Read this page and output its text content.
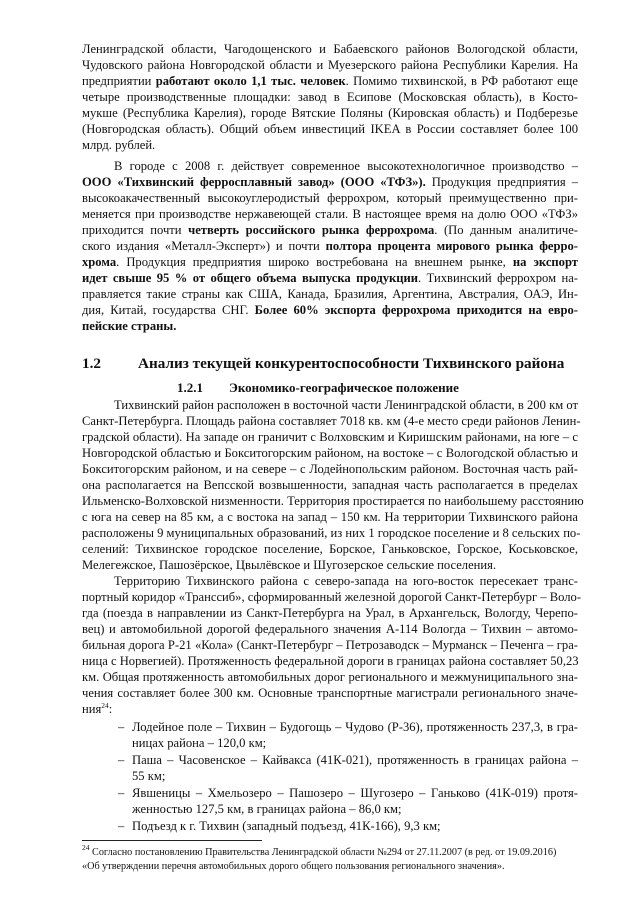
Ленинградской области, Чагодощенского и Бабаевского районов Вологодской области,
Чудовского района Новгородской области и Муезерского района Республики Карелия. На
предприятии работают около 1,1 тыс. человек. Помимо тихвинской, в РФ работают еще
четыре производственные площадки: завод в Есипове (Московская область), в Косто-
мукше (Республика Карелия), городе Вятские Поляны (Кировская область) и Подберезье
(Новгородская область). Общий объем инвестиций IKEA в России составляет более 100
млрд. рублей.
В городе с 2008 г. действует современное высокотехнологичное производство –
ООО «Тихвинский ферросплавный завод» (ООО «ТФЗ»). Продукция предприятия –
высокоакачественный высокоуглеродистый феррохром, который преимущественно при-
меняется при производстве нержавеющей стали. В настоящее время на долю ООО «ТФЗ»
приходится почти четверть российского рынка феррохрома. (По данным аналитиче-
ского издания «Металл-Эксперт») и почти полтора процента мирового рынка ферро-
хрома. Продукция предприятия широко востребована на внешнем рынке, на экспорт
идет свыше 95 % от общего объема выпуска продукции. Тихвинский феррохром на-
правляется такие страны как США, Канада, Бразилия, Аргентина, Австралия, ОАЭ, Ин-
дия, Китай, государства СНГ. Более 60% экспорта феррохрома приходится на евро-
пейские страны.
1.2 Анализ текущей конкурентоспособности Тихвинского района
1.2.1 Экономико-географическое положение
Тихвинский район расположен в восточной части Ленинградской области, в 200 км от
Санкт-Петербурга. Площадь района составляет 7018 кв. км (4-е место среди районов Ленин-
градской области). На западе он граничит с Волховским и Киришским районами, на юге – с
Новгородской областью и Бокситогорским районом, на востоке – с Вологодской областью и
Бокситогорским районом, и на севере – с Лодейнопольским районом. Восточная часть рай-
она располагается на Вепсской возвышенности, западная часть располагается в пределах
Ильменско-Волховской низменности. Территория простирается по наибольшему расстоянию
с юга на север на 85 км, а с востока на запад – 150 км. На территории Тихвинского района
расположены 9 муниципальных образований, из них 1 городское поселение и 8 сельских по-
селений: Тихвинское городское поселение, Борское, Ганьковское, Горское, Коськовское,
Мелегежское, Пашозёрское, Цвылёвское и Шугозерское сельские поселения.
Территорию Тихвинского района с северо-запада на юго-восток пересекает транс-
портный коридор «Транссиб», сформированный железной дорогой Санкт-Петербург – Воло-
гда (поезда в направлении из Санкт-Петербурга на Урал, в Архангельск, Вологду, Черепо-
вец) и автомобильной дорогой федерального значения А-114 Вологда – Тихвин – автомо-
бильная дорога Р-21 «Кола» (Санкт-Петербург – Петрозаводск – Мурманск – Печенга – гра-
ница с Норвегией). Протяженность федеральной дороги в границах района составляет 50,23
км. Общая протяженность автомобильных дорог регионального и межмуниципального зна-
чения составляет более 300 км. Основные транспортные магистрали регионального значе-
ния$^{24}$:
– Лодейное поле – Тихвин – Будогощь – Чудово (Р-36), протяженность 237,3, в гра-
ницах района – 120,0 км;
– Паша – Часовенское – Кайвакса (41К-021), протяженность в границах района –
55 км;
– Явшеницы – Хмельозеро – Пашозеро – Шугозеро – Ганьково (41К-019) протя-
женностью 127,5 км, в границах района – 86,0 км;
– Подъезд к г. Тихвин (западный подъезд, 41К-166), 9,3 км;
$^{24}$ Согласно постановлению Правительства Ленинградской области №294 от 27.11.2007 (в ред. от 19.09.2016)
«Об утверждении перечня автомобильных дорого общего пользования регионального значения».
